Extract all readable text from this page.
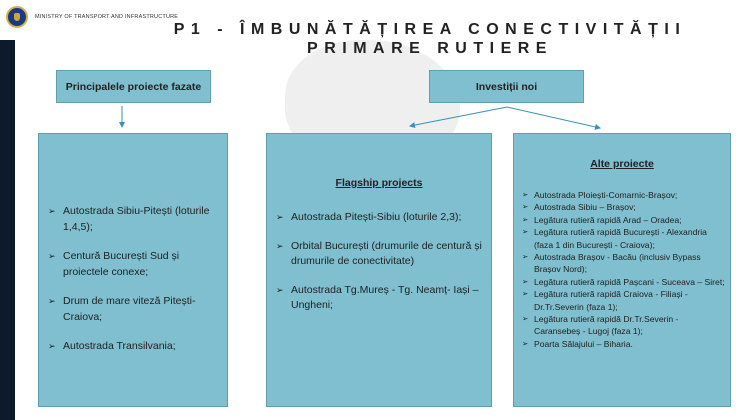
MINISTRY OF TRANSPORT AND INFRASTRUCTURE
P1 - ÎMBUNĂTĂȚIREA CONECTIVITĂȚII
PRIMARE RUTIERE
Principalele proiecte fazate	Investiții noi
➢ Autostrada Sibiu-Pitești (loturile 1,4,5);
➢ Centură București Sud și proiectele conexe;
➢ Drum de mare viteză Pitești-Craiova;
➢ Autostrada Transilvania;
Flagship projects
➢ Autostrada Pitești-Sibiu (loturile 2,3);
➢ Orbital București (drumurile de centură și drumurile de conectivitate)
➢ Autostrada Tg.Mureș - Tg. Neamț- Iași – Ungheni;
Alte proiecte
➢ Autostrada Ploiești-Comarnic-Brașov;
➢ Autostrada Sibiu – Brașov;
➢ Legătura rutieră rapidă Arad – Oradea;
➢ Legătura rutieră rapidă București - Alexandria (faza 1 din București - Craiova);
➢ Autostrada Brașov - Bacău (inclusiv Bypass Brașov Nord);
➢ Legătura rutieră rapidă Pașcani - Suceava – Siret;
➢ Legătura rutieră rapidă Craiova - Filiași - Dr.Tr.Severin (faza 1);
➢ Legătura rutieră rapidă Dr.Tr.Severin - Caransebeș - Lugoj (faza 1);
➢ Poarta Sălajului – Biharia.
